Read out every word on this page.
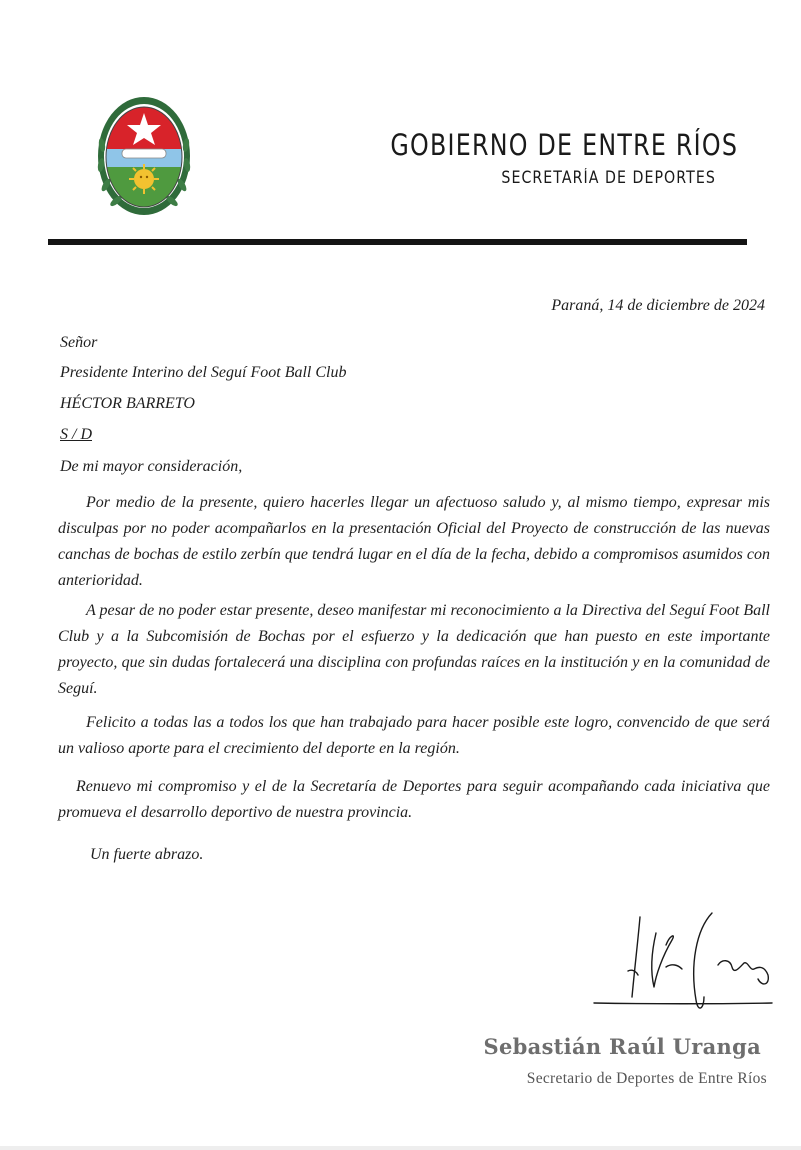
GOBIERNO DE ENTRE RÍOS
SECRETARÍA DE DEPORTES
Paraná, 14 de diciembre de 2024
Señor
Presidente Interino del Seguí Foot Ball Club
HÉCTOR BARRETO
S / D
De mi mayor consideración,

Por medio de la presente, quiero hacerles llegar un afectuoso saludo y, al mismo tiempo, expresar mis disculpas por no poder acompañarlos en la presentación Oficial del Proyecto de construcción de las nuevas canchas de bochas de estilo zerbín que tendrá lugar en el día de la fecha, debido a compromisos asumidos con anterioridad.

A pesar de no poder estar presente, deseo manifestar mi reconocimiento a la Directiva del Seguí Foot Ball Club y a la Subcomisión de Bochas por el esfuerzo y la dedicación que han puesto en este importante proyecto, que sin dudas fortalecerá una disciplina con profundas raíces en la institución y en la comunidad de Seguí.

Felicito a todas las a todos los que han trabajado para hacer posible este logro, convencido de que será un valioso aporte para el crecimiento del deporte en la región.

Renuevo mi compromiso y el de la Secretaría de Deportes para seguir acompañando cada iniciativa que promueva el desarrollo deportivo de nuestra provincia.

Un fuerte abrazo.
Sebastián Raúl Uranga
Secretario de Deportes de Entre Ríos
